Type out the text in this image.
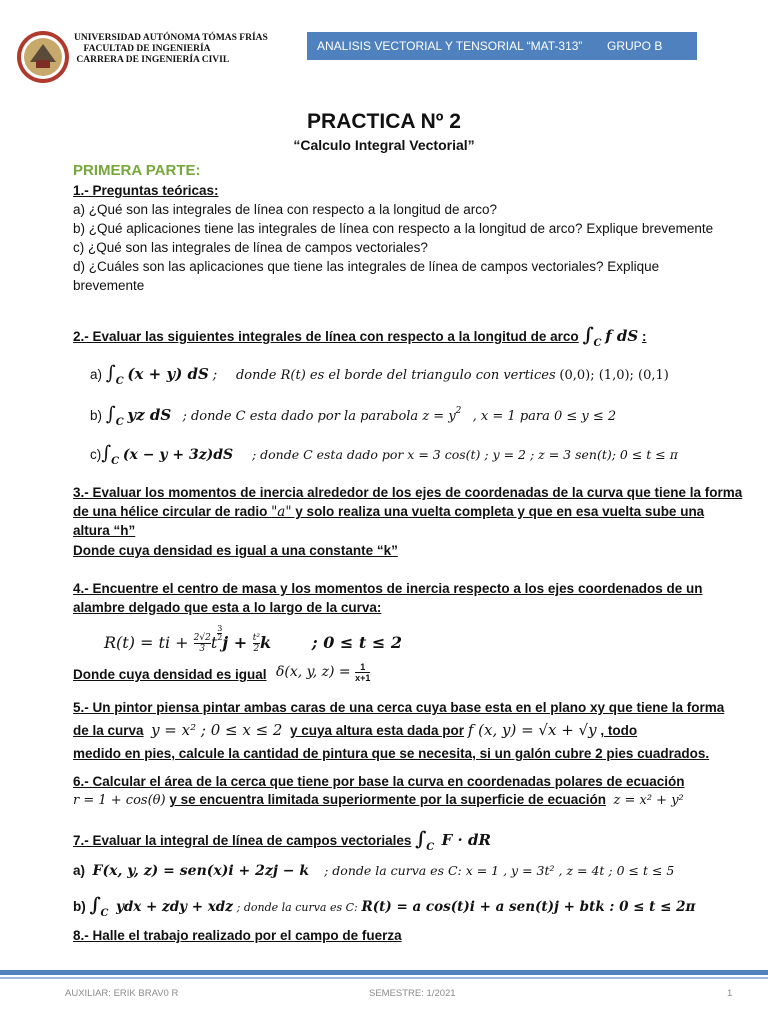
UNIVERSIDAD AUTÓNOMA TÓMAS FRÍAS
FACULTAD DE INGENIERÍA
CARRERA DE INGENIERÍA CIVIL
ANALISIS VECTORIAL Y TENSORIAL “MAT-313” GRUPO B
PRACTICA Nº 2
“Calculo Integral Vectorial”
PRIMERA PARTE:
1.- Preguntas teóricas:
a) ¿Qué son las integrales de línea con respecto a la longitud de arco?
b) ¿Qué aplicaciones tiene las integrales de línea con respecto a la longitud de arco? Explique brevemente
c) ¿Qué son las integrales de línea de campos vectoriales?
d) ¿Cuáles son las aplicaciones que tiene las integrales de línea de campos vectoriales? Explique
brevemente
2.- Evaluar las siguientes integrales de línea con respecto a la longitud de arco $\int_C$ f dS :
a) $\int_C$ (x + y) dS ; donde R(t) es el borde del triangulo con vertices (0,0); (1,0); (0,1)
b) $\int_C$ yz dS ; donde C esta dado por la parabola $z = y^2$ , x = 1 para 0 ≤ y ≤ 2
$c)\int_C$ (x − y + 3z)dS ; donde C esta dado por x = 3 cos(t) ; y = 2 ; z = 3 sen(t); 0 ≤ t ≤ π
3.- Evaluar los momentos de inercia alrededor de los ejes de coordenadas de la curva que tiene la forma
de una hélice circular de radio "a" y solo realiza una vuelta completa y que en esa vuelta sube una
altura “h”
Donde cuya densidad es igual a una constante “k”
4.- Encuentre el centro de masa y los momentos de inercia respecto a los ejes coordenados de un
alambre delgado que esta a lo largo de la curva:
R(t) = ti + $\frac{2√2}{3}$ t $\frac{3}{2}$ $j + \frac{\text{t²}}{2}$ k	; 0 ≤ t ≤ 2
Donde cuya densidad es igual δ(x, y, $z) = \frac{1}{x+1}$
5.- Un pintor piensa pintar ambas caras de una cerca cuya base esta en el plano xy que tiene la forma
de la curva y = x² ; 0 ≤ x ≤ 2 y cuya altura esta dada por f (x, y) = √x + √y , todo
medido en pies, calcule la cantidad de pintura que se necesita, si un galón cubre 2 pies cuadrados.
6.- Calcular el área de la cerca que tiene por base la curva en coordenadas polares de ecuación
r = 1 + cos(θ) y se encuentra limitada superiormente por la superficie de ecuación z = x² + y²
7.- Evaluar la integral de línea de campos vectoriales $\int_C$ F · dR
a) F(x, y, z) = sen(x)i + 2zj − k ; donde la curva es C: x = 1 , y = 3t² , z = 4t ; 0 ≤ t ≤ 5
b) $\int_C$ ydx + zdy + xdz ; donde la curva es C: R(t) = a cos(t)i + a sen(t)j + btk : 0 ≤ t ≤ 2π
8.- Halle el trabajo realizado por el campo de fuerza
AUXILIAR: ERIK BRAV0 R	SEMESTRE: 1/2021	1
